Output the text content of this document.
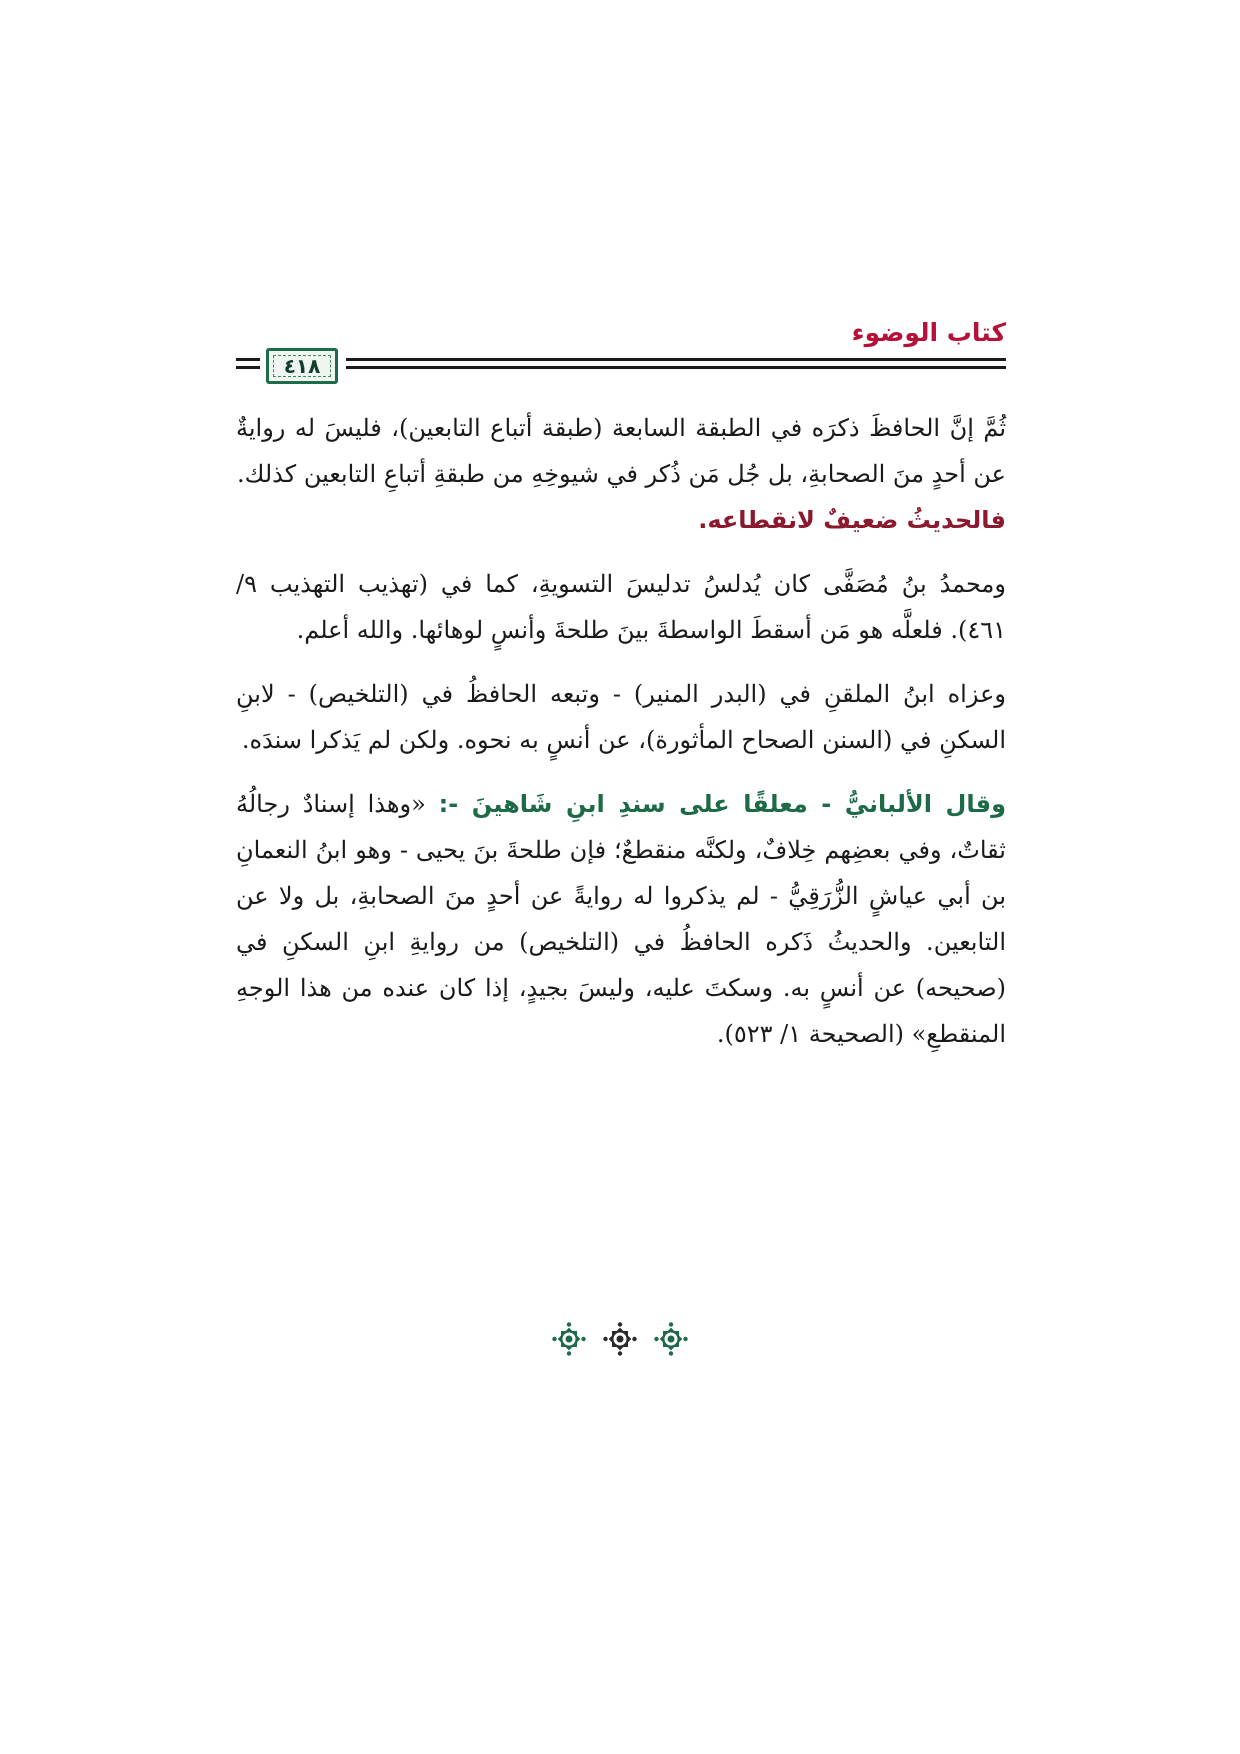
كتاب الوضوء
٤١٨

ثُمَّ إنَّ الحافظَ ذكرَه في الطبقة السابعة (طبقة أتباع التابعين)، فليسَ له روايةٌ عن أحدٍ منَ الصحابةِ، بل جُل مَن ذُكر في شيوخِهِ من طبقةِ أتباعِ التابعين كذلك.

فالحديثُ ضعيفٌ لانقطاعه.

ومحمدُ بنُ مُصَفَّى كان يُدلسُ تدليسَ التسويةِ، كما في (تهذيب التهذيب ٩/ ٤٦١). فلعلَّه هو مَن أسقطَ الواسطةَ بينَ طلحةَ وأنسٍ لوهائها. والله أعلم.

وعزاه ابنُ الملقنِ في (البدر المنير) - وتبعه الحافظُ في (التلخيص) - لابنِ السكنِ في (السنن الصحاح المأثورة)، عن أنسٍ به نحوه. ولكن لم يَذكرا سندَه.

وقال الألبانيُّ - معلقًا على سندِ ابنِ شَاهينَ -: «وهذا إسنادٌ رجالُهُ ثقاتٌ، وفي بعضِهم خِلافٌ، ولكنَّه منقطعٌ؛ فإن طلحةَ بنَ يحيى - وهو ابنُ النعمانِ بن أبي عياشٍ الزُّرَقِيُّ - لم يذكروا له روايةً عن أحدٍ منَ الصحابةِ، بل ولا عن التابعين. والحديثُ ذَكره الحافظُ في (التلخيص) من روايةِ ابنِ السكنِ في (صحيحه) عن أنسٍ به. وسكتَ عليه، وليسَ بجيدٍ، إذا كان عنده من هذا الوجهِ المنقطعِ» (الصحيحة ١/ ٥٢٣).
